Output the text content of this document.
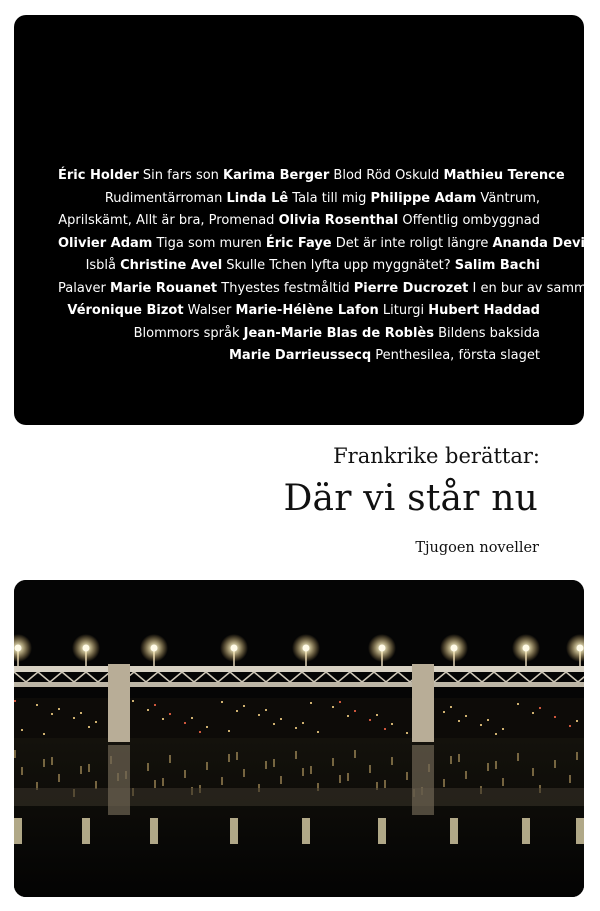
Éric Holder Sin fars son Karima Berger Blod Röd Oskuld Mathieu Terence
Rudimentärroman Linda Lê Tala till mig Philippe Adam Väntrum,
Aprilskämt, Allt är bra, Promenad Olivia Rosenthal Offentlig ombyggnad
Olivier Adam Tiga som muren Éric Faye Det är inte roligt längre Ananda Devi
Isblå Christine Avel Skulle Tchen lyfta upp myggnätet? Salim Bachi
Palaver Marie Rouanet Thyestes festmåltid Pierre Ducrozet I en bur av sammet
Véronique Bizot Walser Marie-Hélène Lafon Liturgi Hubert Haddad
Blommors språk Jean-Marie Blas de Roblès Bildens baksida
Marie Darrieussecq Penthesilea, första slaget
Frankrike berättar:
Där vi står nu
Tjugoen noveller
